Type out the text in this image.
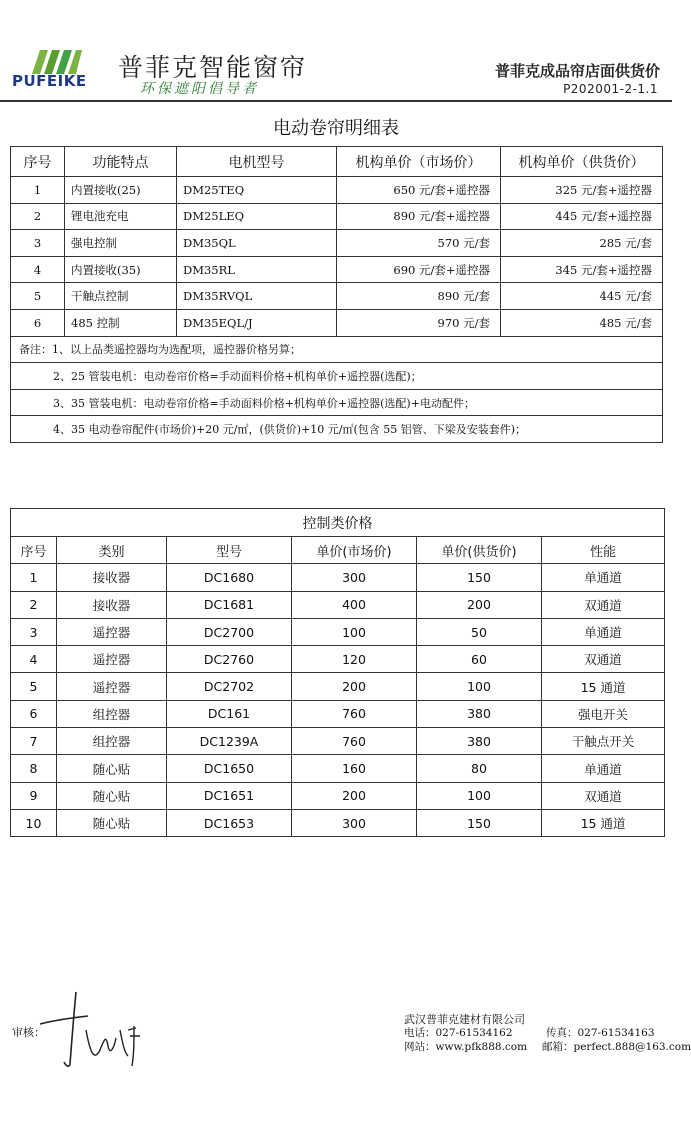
PUFEIKE 普菲克智能窗帘
环保遮阳倡导者
普菲克成品帘店面供货价
P202001-2-1.1
电动卷帘明细表
序号	功能特点	电机型号	机构单价（市场价）	机构单价（供货价）
1	内置接收(25)	DM25TEQ	650 元/套+遥控器	325 元/套+遥控器
2	锂电池充电	DM25LEQ	890 元/套+遥控器	445 元/套+遥控器
3	强电控制	DM35QL	570 元/套	285 元/套
4	内置接收(35)	DM35RL	690 元/套+遥控器	345 元/套+遥控器
5	干触点控制	DM35RVQL	890 元/套	445 元/套
6	485 控制	DM35EQL/J	970 元/套	485 元/套
备注：1、以上品类遥控器均为选配项，遥控器价格另算；				
2、25 管装电机：电动卷帘价格=手动面料价格+机构单价+遥控器(选配)；				
3、35 管装电机：电动卷帘价格=手动面料价格+机构单价+遥控器(选配)+电动配件；				
4、35 电动卷帘配件(市场价)+20 元/㎡，(供货价)+10 元/㎡(包含 55 铝管、下梁及安装套件)；				
控制类价格					
序号	类别	型号	单价(市场价)	单价(供货价)	性能
1	接收器	DC1680	300	150	单通道
2	接收器	DC1681	400	200	双通道
3	遥控器	DC2700	100	50	单通道
4	遥控器	DC2760	120	60	双通道
5	遥控器	DC2702	200	100	15 通道
6	组控器	DC161	760	380	强电开关
7	组控器	DC1239A	760	380	干触点开关
8	随心贴	DC1650	160	80	单通道
9	随心贴	DC1651	200	100	双通道
10	随心贴	DC1653	300	150	15 通道
审核：
武汉普菲克建材有限公司
电话：027-61534162	传真：027-61534163
网站：www.pfk888.com 邮箱：perfect.888@163.com
